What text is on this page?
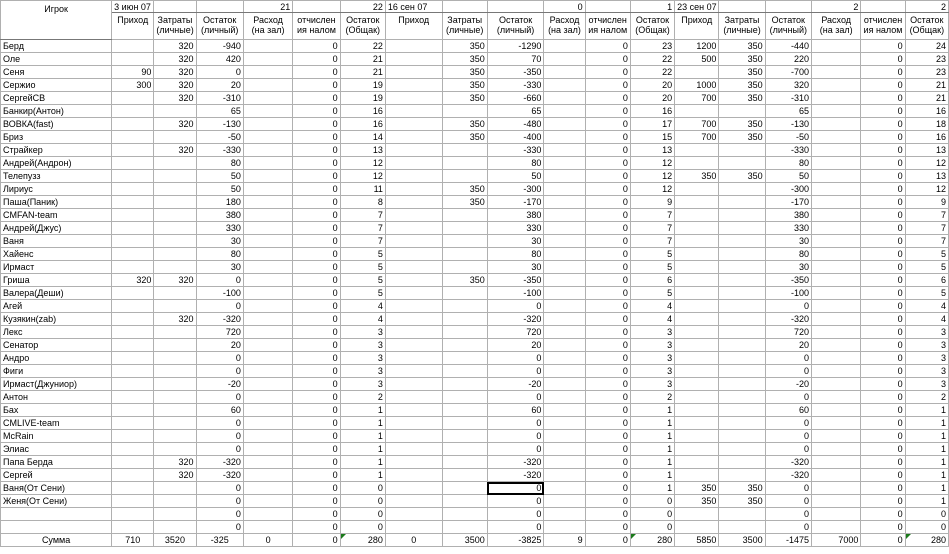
Игрок	3 июн 07			21		22	16 сен 07			0		1	23 сен 07			2		2
	Приход	Затраты (личные)	Остаток (личный)	Расход (на зал)	отчислен ия налом	Остаток (Общак)	Приход	Затраты (личные)	Остаток (личный)	Расход (на зал)	отчислен ия налом	Остаток (Общак)	Приход	Затраты (личные)	Остаток (личный)	Расход (на зал)	отчислен ия налом	Остаток (Общак)
Берд		320	-940		0	22		350	-1290		0	23	1200	350	-440		0	24
Оле		320	420		0	21		350	70		0	22	500	350	220		0	23
Сеня	90	320	0		0	21		350	-350		0	22		350	-700		0	23
Сержио	300	320	20		0	19		350	-330		0	20	1000	350	320		0	21
СергейСВ		320	-310		0	19		350	-660		0	20	700	350	-310		0	21
Банкир(Антон)			65		0	16			65		0	16			65		0	16
ВОВКА(fast)		320	-130		0	16		350	-480		0	17	700	350	-130		0	18
Бриз			-50		0	14		350	-400		0	15	700	350	-50		0	16
Страйкер		320	-330		0	13			-330		0	13			-330		0	13
Андрей(Андрон)			80		0	12			80		0	12			80		0	12
Телепузз			50		0	12			50		0	12	350	350	50		0	13
Лириус			50		0	11		350	-300		0	12			-300		0	12
Паша(Паник)			180		0	8		350	-170		0	9			-170		0	9
CMFAN-team			380		0	7			380		0	7			380		0	7
Андрей(Джус)			330		0	7			330		0	7			330		0	7
Ваня			30		0	7			30		0	7			30		0	7
Хайенс			80		0	5			80		0	5			80		0	5
Ирмаст			30		0	5			30		0	5			30		0	5
Гриша	320	320	0		0	5		350	-350		0	6			-350		0	6
Валера(Деши)			-100		0	5			-100		0	5			-100		0	5
Агей			0		0	4			0		0	4			0		0	4
Кузякин(zab)		320	-320		0	4			-320		0	4			-320		0	4
Лекс			720		0	3			720		0	3			720		0	3
Сенатор			20		0	3			20		0	3			20		0	3
Андро			0		0	3			0		0	3			0		0	3
Фиги			0		0	3			0		0	3			0		0	3
Ирмаст(Джуниор)			-20		0	3			-20		0	3			-20		0	3
Антон			0		0	2			0		0	2			0		0	2
Бах			60		0	1			60		0	1			60		0	1
CMLIVE-team			0		0	1			0		0	1			0		0	1
McRain			0		0	1			0		0	1			0		0	1
Элиас			0		0	1			0		0	1			0		0	1
Папа Берда		320	-320		0	1			-320		0	1			-320		0	1
Сергей		320	-320		0	1			-320		0	1			-320		0	1
Ваня(От Сени)			0		0	0			0		0	1	350	350	0		0	1
Женя(От Сени)			0		0	0			0		0	0	350	350	0		0	1
			0		0	0			0		0	0			0		0	0
			0		0	0			0		0	0			0		0	0
Сумма	710	3520	-325	0	0	280	0	3500	-3825	9	0	280	5850	3500	-1475	7000	0	280
